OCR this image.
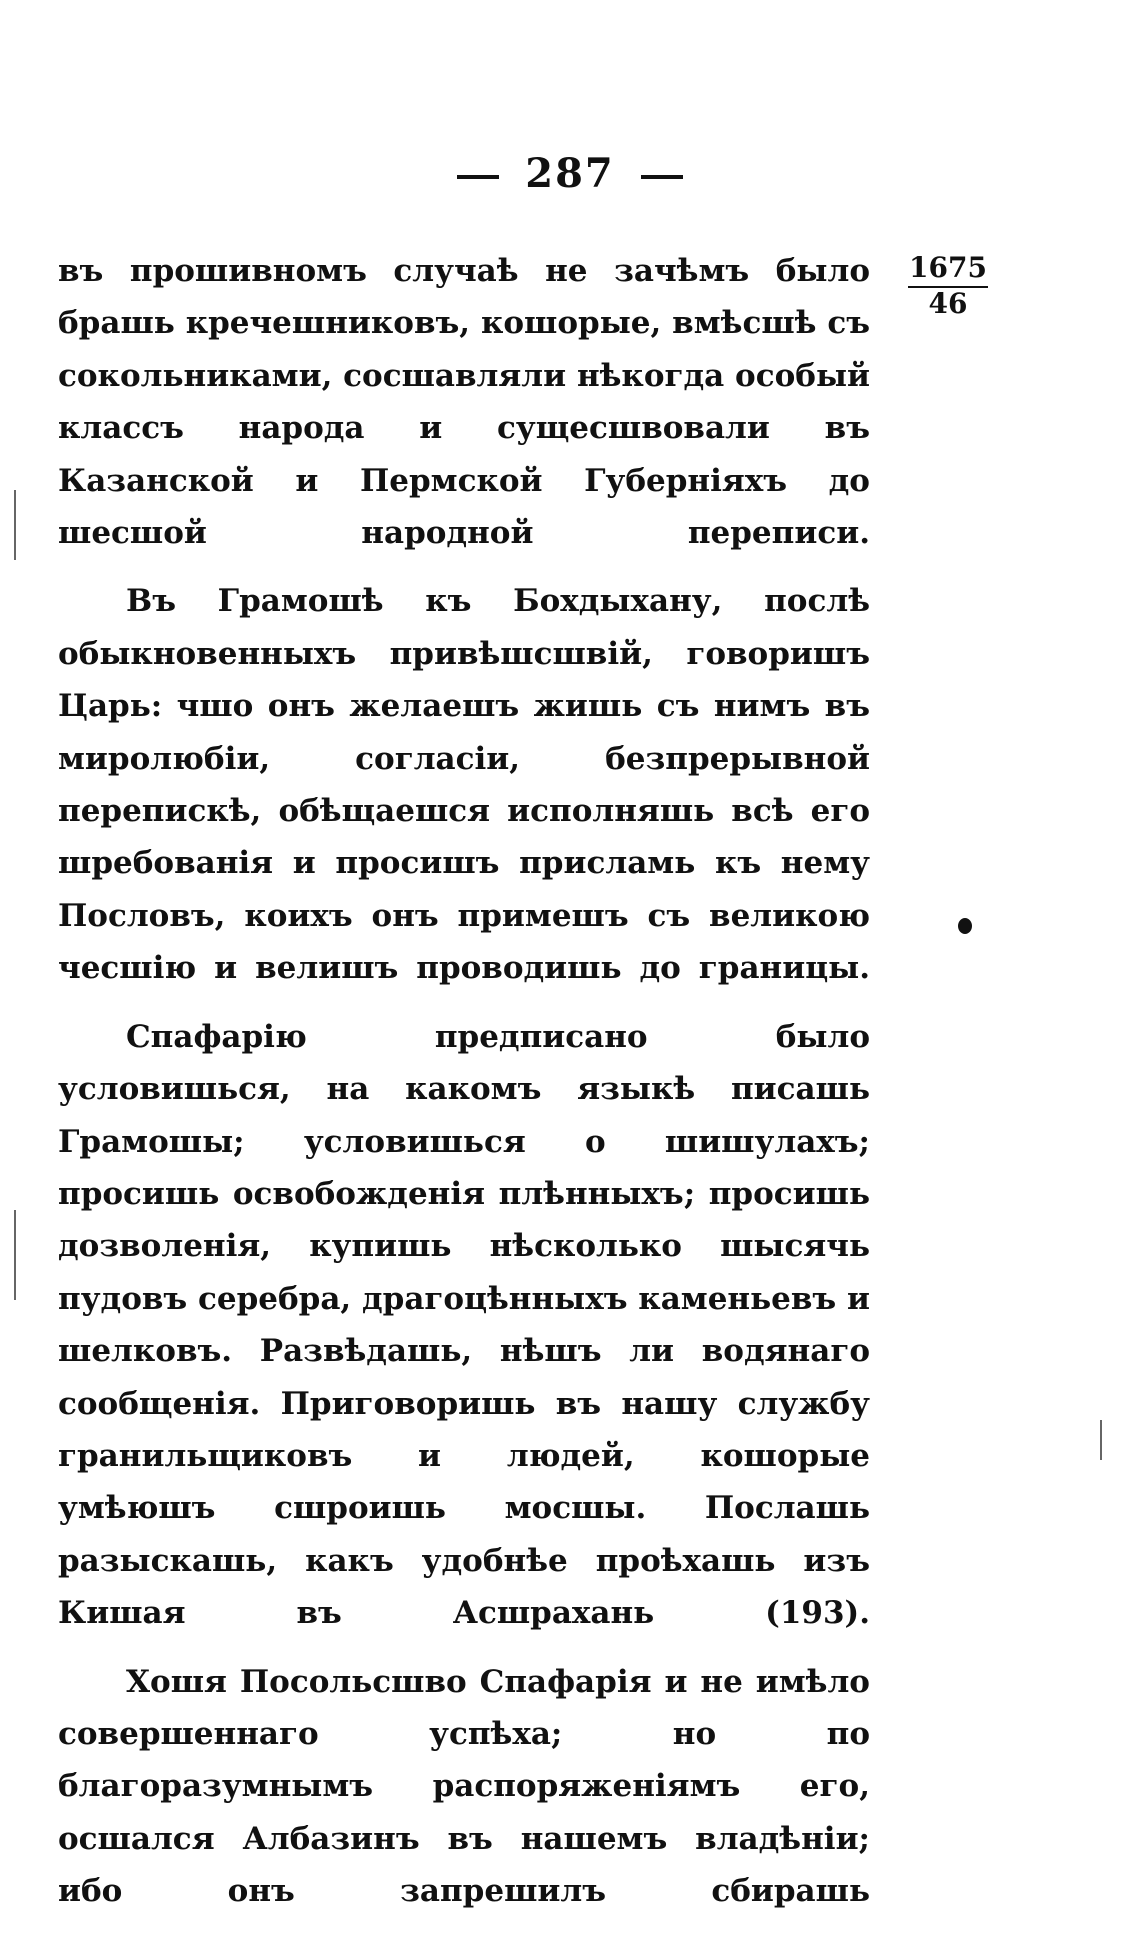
287
1675
46

въ прошивномъ случаѣ не зачѣмъ было брашь кречешниковъ, кошорые, вмѣсшѣ съ сокольниками, сосшавляли нѣкогда особый классъ народа и сущесшвовали въ Казанской и Пермской Губерніяхъ до шесшой народной переписи.

Въ Грамошѣ къ Бохдыхану, послѣ обыкновенныхъ привѣшсшвій, говоришъ Царь: чшо онъ желаешъ жишь съ нимъ въ миролюбіи, согласіи, безпрерывной перепискѣ, обѣщаешся исполняшь всѣ его шребованія и просишъ присламь къ нему Пословъ, коихъ онъ примешъ съ великою чесшію и велишъ проводишь до границы.

Спафарію предписано было условишься, на какомъ языкѣ писашь Грамошы; условишься о шишулахъ; просишь освобожденія плѣнныхъ; просишь дозволенія, купишь нѣсколько шысячь пудовъ серебра, драгоцѣнныхъ каменьевъ и шелковъ. Развѣдашь, нѣшъ ли водянаго сообщенія. Приговоришь въ нашу службу гранильщиковъ и людей, кошорые умѣюшъ сшроишь мосшы. Послашь разыскашь, какъ удобнѣе проѣхашь изъ Кишая въ Асшрахань (193).

Хошя Посольсшво Спафарія и не имѣло совершеннаго успѣха; но по благоразумнымъ распоряженіямъ его, осшался Албазинъ въ нашемъ владѣніи; ибо онъ запрешилъ сбирашь
